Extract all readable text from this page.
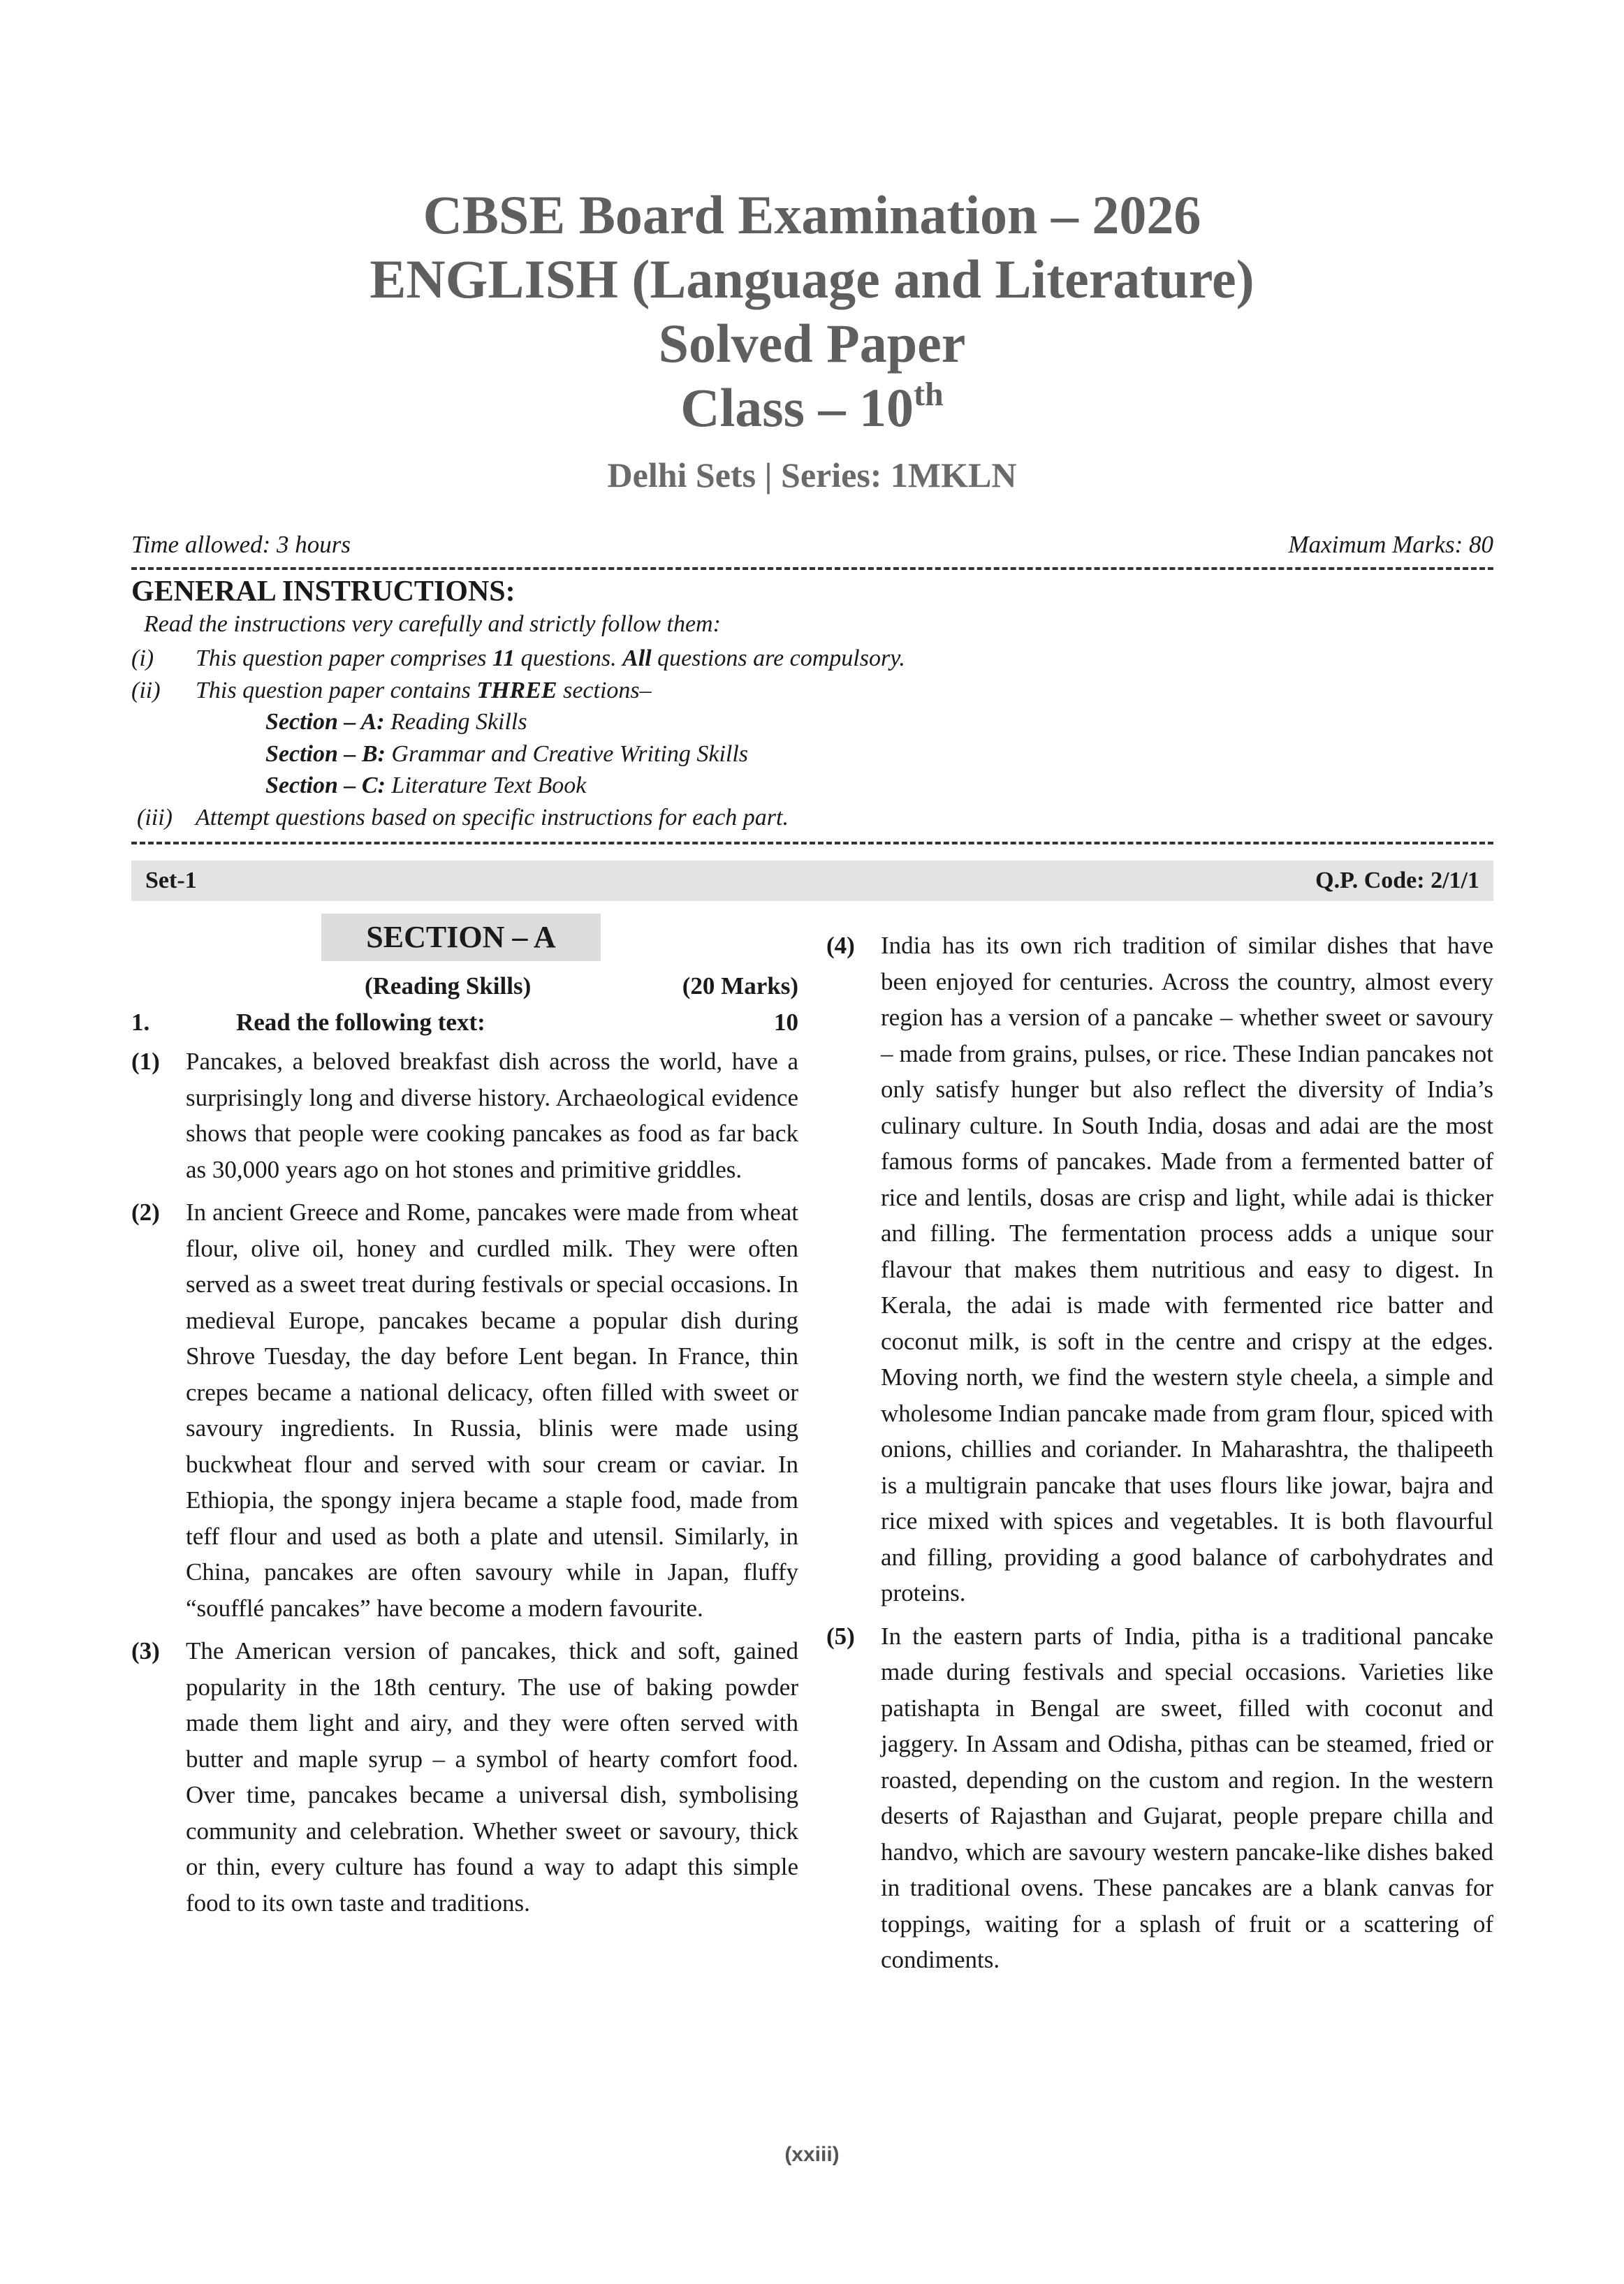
CBSE Board Examination – 2026
ENGLISH (Language and Literature)
Solved Paper
Class – 10th
Delhi Sets | Series: 1MKLN
Time allowed: 3 hours	Maximum Marks: 80
GENERAL INSTRUCTIONS:
Read the instructions very carefully and strictly follow them:
(i) This question paper comprises 11 questions. All questions are compulsory.
(ii) This question paper contains THREE sections–
Section – A: Reading Skills
Section – B: Grammar and Creative Writing Skills
Section – C: Literature Text Book
(iii) Attempt questions based on specific instructions for each part.
Set-1	Q.P. Code: 2/1/1
SECTION – A
(Reading Skills)	(20 Marks)
1.	Read the following text:	10
(1) Pancakes, a beloved breakfast dish across the world, have a surprisingly long and diverse history. Archaeological evidence shows that people were cooking pancakes as food as far back as 30,000 years ago on hot stones and primitive griddles.
(2) In ancient Greece and Rome, pancakes were made from wheat flour, olive oil, honey and curdled milk. They were often served as a sweet treat during festivals or special occasions. In medieval Europe, pancakes became a popular dish during Shrove Tuesday, the day before Lent began. In France, thin crepes became a national delicacy, often filled with sweet or savoury ingredients. In Russia, blinis were made using buckwheat flour and served with sour cream or caviar. In Ethiopia, the spongy injera became a staple food, made from teff flour and used as both a plate and utensil. Similarly, in China, pancakes are often savoury while in Japan, fluffy “soufflé pancakes” have become a modern favourite.
(3) The American version of pancakes, thick and soft, gained popularity in the 18th century. The use of baking powder made them light and airy, and they were often served with butter and maple syrup – a symbol of hearty comfort food. Over time, pancakes became a universal dish, symbolising community and celebration. Whether sweet or savoury, thick or thin, every culture has found a way to adapt this simple food to its own taste and traditions.
(4) India has its own rich tradition of similar dishes that have been enjoyed for centuries. Across the country, almost every region has a version of a pancake – whether sweet or savoury – made from grains, pulses, or rice. These Indian pancakes not only satisfy hunger but also reflect the diversity of India’s culinary culture. In South India, dosas and adai are the most famous forms of pancakes. Made from a fermented batter of rice and lentils, dosas are crisp and light, while adai is thicker and filling. The fermentation process adds a unique sour flavour that makes them nutritious and easy to digest. In Kerala, the adai is made with fermented rice batter and coconut milk, is soft in the centre and crispy at the edges. Moving north, we find the western style cheela, a simple and wholesome Indian pancake made from gram flour, spiced with onions, chillies and coriander. In Maharashtra, the thalipeeth is a multigrain pancake that uses flours like jowar, bajra and rice mixed with spices and vegetables. It is both flavourful and filling, providing a good balance of carbohydrates and proteins.
(5) In the eastern parts of India, pitha is a traditional pancake made during festivals and special occasions. Varieties like patishapta in Bengal are sweet, filled with coconut and jaggery. In Assam and Odisha, pithas can be steamed, fried or roasted, depending on the custom and region. In the western deserts of Rajasthan and Gujarat, people prepare chilla and handvo, which are savoury western pancake-like dishes baked in traditional ovens. These pancakes are a blank canvas for toppings, waiting for a splash of fruit or a scattering of condiments.
(xxiii)
